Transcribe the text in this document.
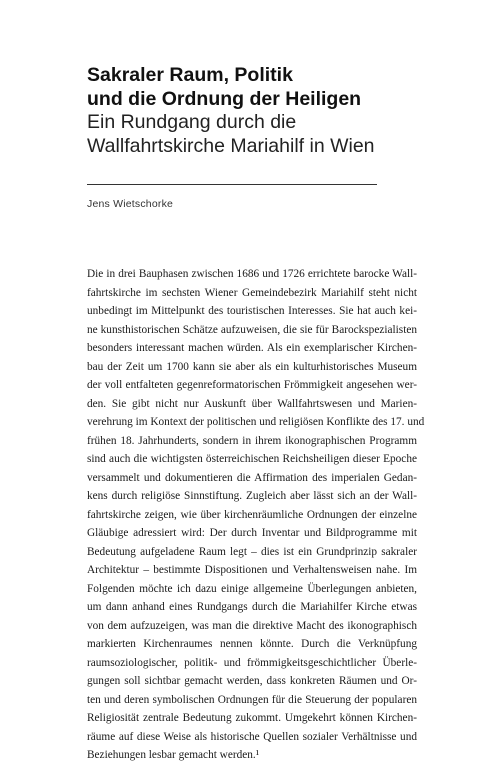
Sakraler Raum, Politik

und die Ordnung der Heiligen

Ein Rundgang durch die

Wallfahrtskirche Mariahilf in Wien

Jens Wietschorke

Die in drei Bauphasen zwischen 1686 und 1726 errichtete barocke Wall-
fahrtskirche im sechsten Wiener Gemeindebezirk Mariahilf steht nicht
unbedingt im Mittelpunkt des touristischen Interesses. Sie hat auch kei-
ne kunsthistorischen Schätze aufzuweisen, die sie für Barockspezialisten
besonders interessant machen würden. Als ein exemplarischer Kirchen-
bau der Zeit um 1700 kann sie aber als ein kulturhistorisches Museum
der voll entfalteten gegenreformatorischen Frömmigkeit angesehen wer-
den. Sie gibt nicht nur Auskunft über Wallfahrtswesen und Marien-
verehrung im Kontext der politischen und religiösen Konflikte des 17. und
frühen 18. Jahrhunderts, sondern in ihrem ikonographischen Programm
sind auch die wichtigsten österreichischen Reichsheiligen dieser Epoche
versammelt und dokumentieren die Affirmation des imperialen Gedan-
kens durch religiöse Sinnstiftung. Zugleich aber lässt sich an der Wall-
fahrtskirche zeigen, wie über kirchenräumliche Ordnungen der einzelne
Gläubige adressiert wird: Der durch Inventar und Bildprogramme mit
Bedeutung aufgeladene Raum legt – dies ist ein Grundprinzip sakraler
Architektur – bestimmte Dispositionen und Verhaltensweisen nahe. Im
Folgenden möchte ich dazu einige allgemeine Überlegungen anbieten,
um dann anhand eines Rundgangs durch die Mariahilfer Kirche etwas
von dem aufzuzeigen, was man die direktive Macht des ikonographisch
markierten Kirchenraumes nennen könnte. Durch die Verknüpfung
raumsoziologischer, politik- und frömmigkeitsgeschichtlicher Überle-
gungen soll sichtbar gemacht werden, dass konkreten Räumen und Or-
ten und deren symbolischen Ordnungen für die Steuerung der popularen
Religiosität zentrale Bedeutung zukommt. Umgekehrt können Kirchen-
räume auf diese Weise als historische Quellen sozialer Verhältnisse und
Beziehungen lesbar gemacht werden.¹
